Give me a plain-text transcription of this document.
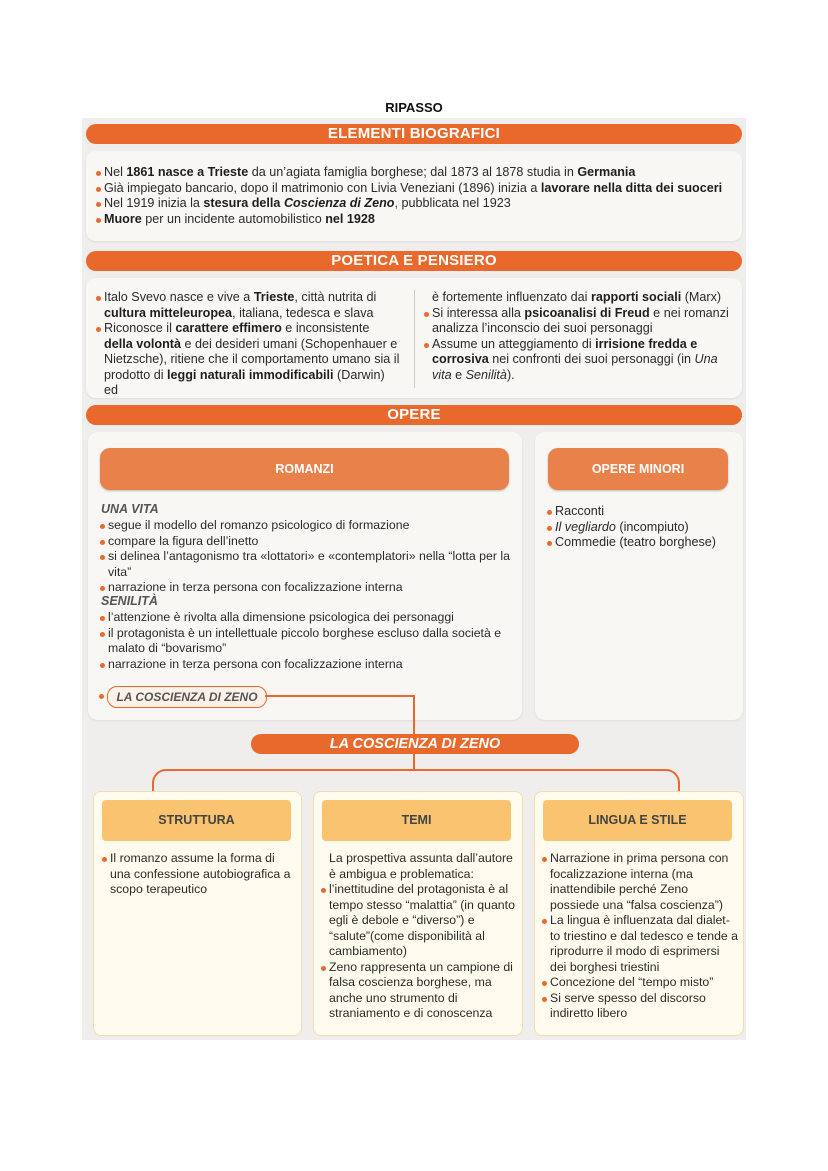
RIPASSO
ELEMENTI BIOGRAFICI
Nel 1861 nasce a Trieste da un’agiata famiglia borghese; dal 1873 al 1878 studia in Germania
Già impiegato bancario, dopo il matrimonio con Livia Veneziani (1896) inizia a lavorare nella ditta dei suoceri
Nel 1919 inizia la stesura della Coscienza di Zeno, pubblicata nel 1923
Muore per un incidente automobilistico nel 1928
POETICA E PENSIERO
Italo Svevo nasce e vive a Trieste, città nutrita di cultura mitteleuropea, italiana, tedesca e slava
Riconosce il carattere effimero e inconsistente della volontà e dei desideri umani (Schopenhauer e Nietzsche), ritiene che il comportamento umano sia il prodotto di leggi naturali immodificabili (Darwin) ed
è fortemente influenzato dai rapporti sociali (Marx)
Si interessa alla psicoanalisi di Freud e nei romanzi analizza l’inconscio dei suoi personaggi
Assume un atteggiamento di irrisione fredda e corrosiva nei confronti dei suoi personaggi (in Una vita e Senilità).
OPERE
ROMANZI
UNA VITA
segue il modello del romanzo psicologico di formazione
compare la figura dell’inetto
si delinea l’antagonismo tra «lottatori» e «contemplatori» nella “lotta per la vita”
narrazione in terza persona con focalizzazione interna
SENILITÀ
l’attenzione è rivolta alla dimensione psicologica dei personaggi
il protagonista è un intellettuale piccolo borghese escluso dalla società e malato di “bovarismo”
narrazione in terza persona con focalizzazione interna
LA COSCIENZA DI ZENO
OPERE MINORI
Racconti
Il vegliardo (incompiuto)
Commedie (teatro borghese)
LA COSCIENZA DI ZENO
STRUTTURA
Il romanzo assume la forma di una confessione autobiografica a scopo terapeutico
TEMI
La prospettiva assunta dall’autore è ambigua e problematica:
l’inettitudine del protagonista è al tempo stesso “malattia” (in quanto egli è debole e “diverso”) e “salute”(come disponibilità al cambiamento)
Zeno rappresenta un campione di falsa coscienza borghese, ma anche uno strumento di straniamento e di conoscenza
LINGUA E STILE
Narrazione in prima persona con focalizzazione interna (ma inattendibile perché Zeno possiede una “falsa coscienza”)
La lingua è influenzata dal dialet-to triestino e dal tedesco e tende a riprodurre il modo di esprimersi dei borghesi triestini
Concezione del “tempo misto”
Si serve spesso del discorso indiretto libero
